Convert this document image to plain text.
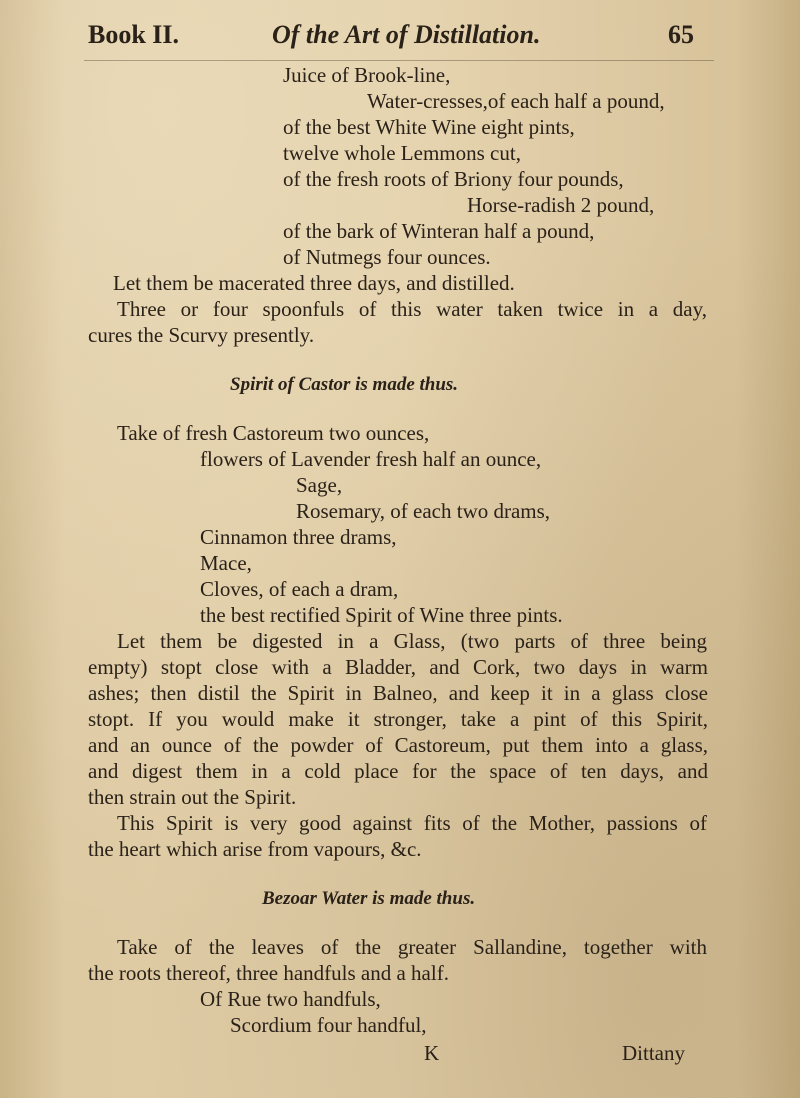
Book II.	Of the Art of Distillation.	65
Juice of Brook-line,
Water-cresses,of each half a pound,
of the best White Wine eight pints,
twelve whole Lemmons cut,
of the fresh roots of Briony four pounds,
Horse-radish 2 pound,
of the bark of Winteran half a pound,
of Nutmegs four ounces.
Let them be macerated three days, and distilled.
Three or four spoonfuls of this water taken twice in a day,
cures the Scurvy presently.
Spirit of Castor is made thus.
Take of fresh Castoreum two ounces,
flowers of Lavender fresh half an ounce,
Sage,
Rosemary, of each two drams,
Cinnamon three drams,
Mace,
Cloves, of each a dram,
the best rectified Spirit of Wine three pints.
Let them be digested in a Glass, (two parts of three being
empty) stopt close with a Bladder, and Cork, two days in warm
ashes; then distil the Spirit in Balneo, and keep it in a glass close
stopt. If you would make it stronger, take a pint of this Spirit,
and an ounce of the powder of Castoreum, put them into a glass,
and digest them in a cold place for the space of ten days, and
then strain out the Spirit.
This Spirit is very good against fits of the Mother, passions of
the heart which arise from vapours, &c.
Bezoar Water is made thus.
Take of the leaves of the greater Sallandine, together with
the roots thereof, three handfuls and a half.
Of Rue two handfuls,
Scordium four handful,
K	Dittany
